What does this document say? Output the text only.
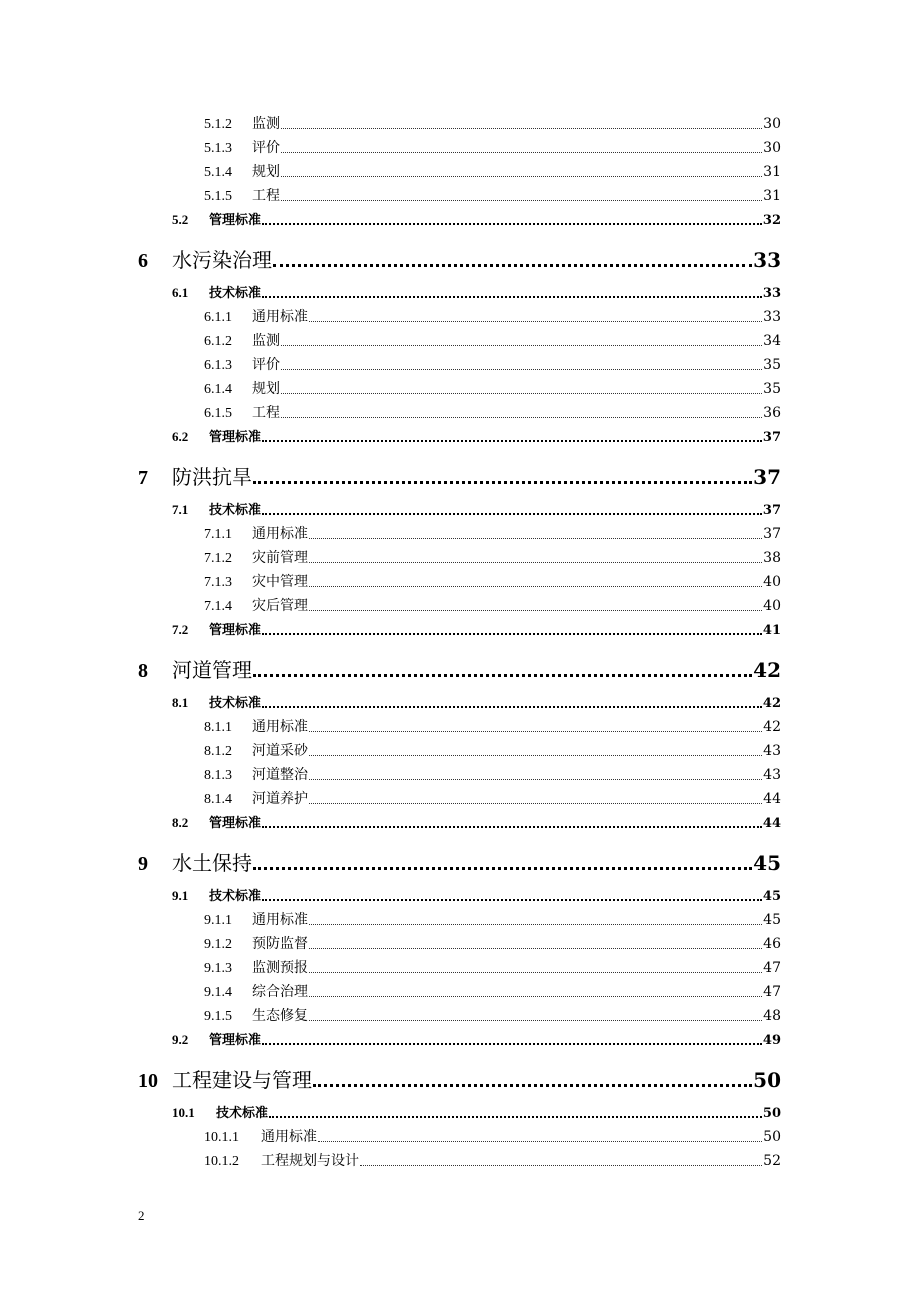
5.1.2	监测	30
5.1.3	评价	30
5.1.4	规划	31
5.1.5	工程	31
5.2	管理标准	32
6	水污染治理	33
6.1	技术标准	33
6.1.1	通用标准	33
6.1.2	监测	34
6.1.3	评价	35
6.1.4	规划	35
6.1.5	工程	36
6.2	管理标准	37
7	防洪抗旱	37
7.1	技术标准	37
7.1.1	通用标准	37
7.1.2	灾前管理	38
7.1.3	灾中管理	40
7.1.4	灾后管理	40
7.2	管理标准	41
8	河道管理	42
8.1	技术标准	42
8.1.1	通用标准	42
8.1.2	河道采砂	43
8.1.3	河道整治	43
8.1.4	河道养护	44
8.2	管理标准	44
9	水土保持	45
9.1	技术标准	45
9.1.1	通用标准	45
9.1.2	预防监督	46
9.1.3	监测预报	47
9.1.4	综合治理	47
9.1.5	生态修复	48
9.2	管理标准	49
10 工程建设与管理	50
10.1	技术标准	50
10.1.1	通用标准	50
10.1.2	工程规划与设计	52
2
